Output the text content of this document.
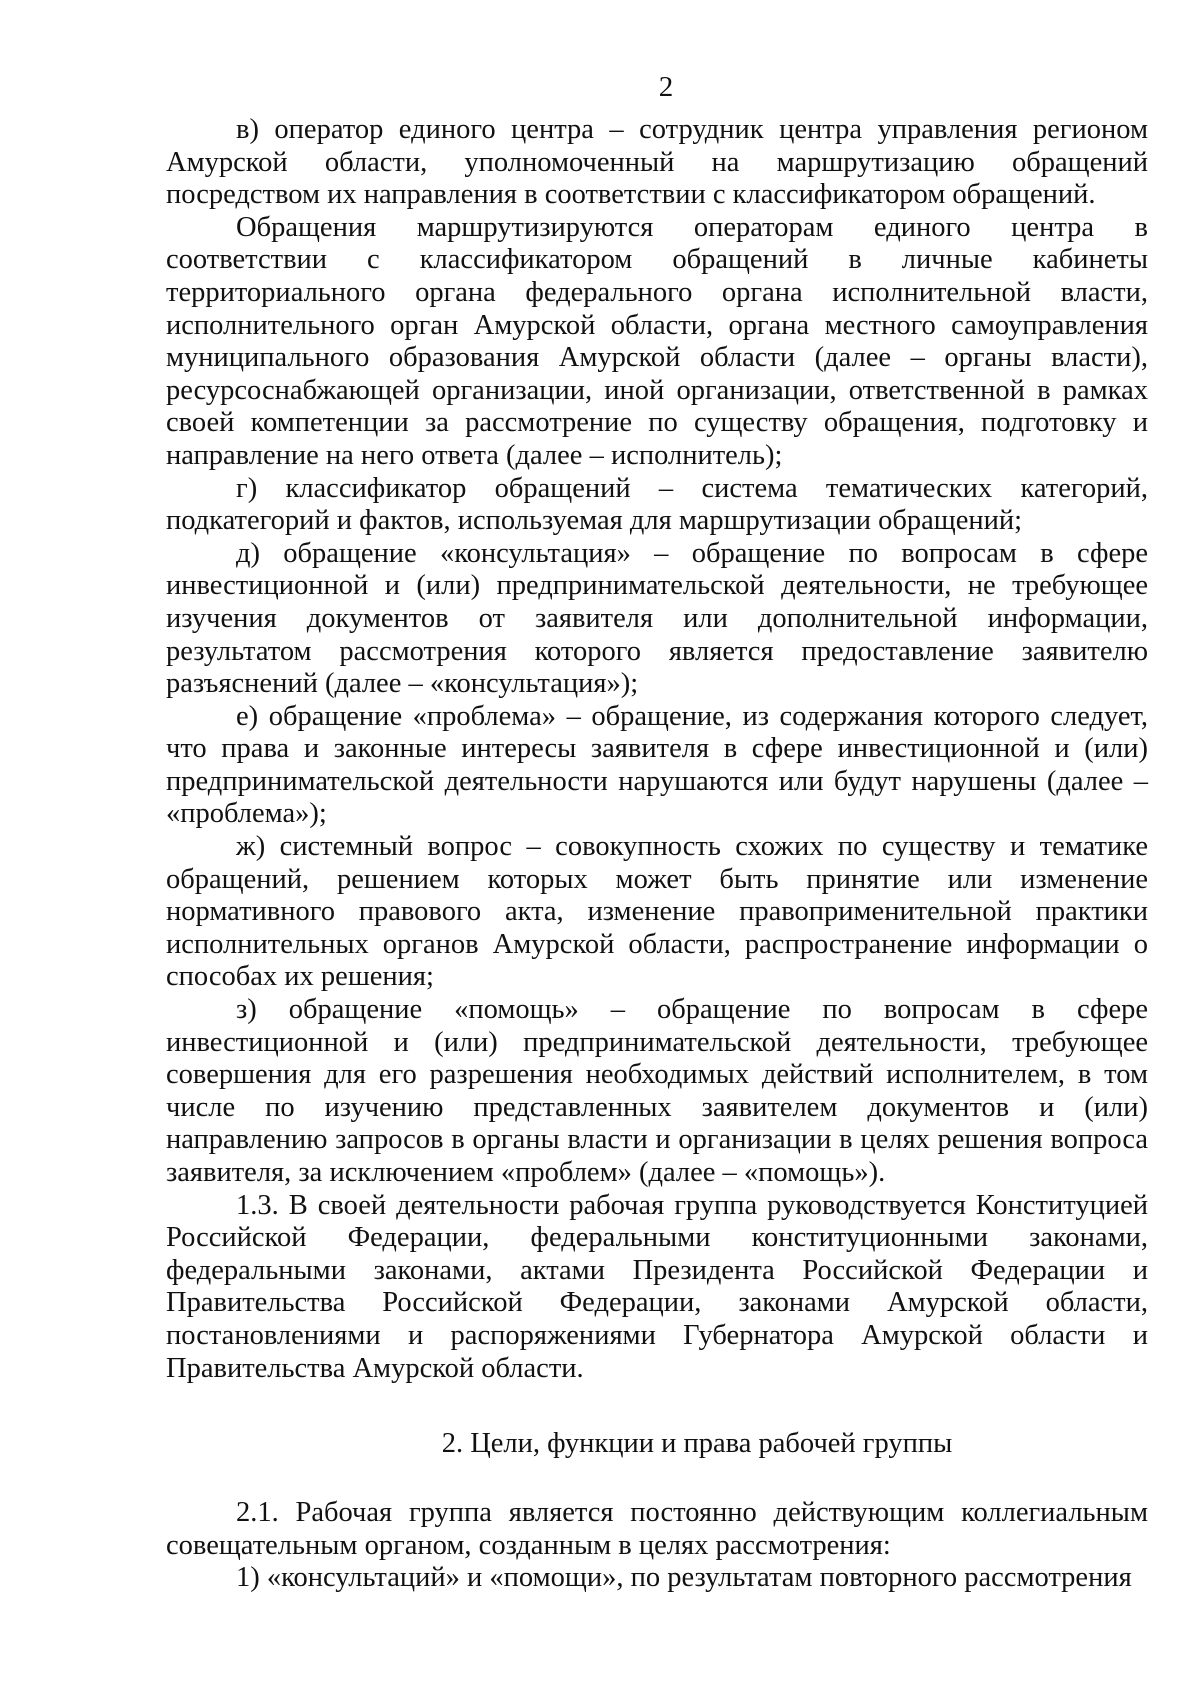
2

в) оператор единого центра – сотрудник центра управления регионом Амурской области, уполномоченный на маршрутизацию обращений посредством их направления в соответствии с классификатором обращений.

Обращения маршрутизируются операторам единого центра в соответствии с классификатором обращений в личные кабинеты территориального органа федерального органа исполнительной власти, исполнительного орган Амурской области, органа местного самоуправления муниципального образования Амурской области (далее – органы власти), ресурсоснабжающей организации, иной организации, ответственной в рамках своей компетенции за рассмотрение по существу обращения, подготовку и направление на него ответа (далее – исполнитель);

г) классификатор обращений – система тематических категорий, подкатегорий и фактов, используемая для маршрутизации обращений;

д) обращение «консультация» – обращение по вопросам в сфере инвестиционной и (или) предпринимательской деятельности, не требующее изучения документов от заявителя или дополнительной информации, результатом рассмотрения которого является предоставление заявителю разъяснений (далее – «консультация»);

е) обращение «проблема» – обращение, из содержания которого следует, что права и законные интересы заявителя в сфере инвестиционной и (или) предпринимательской деятельности нарушаются или будут нарушены (далее – «проблема»);

ж) системный вопрос – совокупность схожих по существу и тематике обращений, решением которых может быть принятие или изменение нормативного правового акта, изменение правоприменительной практики исполнительных органов Амурской области, распространение информации о способах их решения;

з) обращение «помощь» – обращение по вопросам в сфере инвестиционной и (или) предпринимательской деятельности, требующее совершения для его разрешения необходимых действий исполнителем, в том числе по изучению представленных заявителем документов и (или) направлению запросов в органы власти и организации в целях решения вопроса заявителя, за исключением «проблем» (далее – «помощь»).

1.3. В своей деятельности рабочая группа руководствуется Конституцией Российской Федерации, федеральными конституционными законами, федеральными законами, актами Президента Российской Федерации и Правительства Российской Федерации, законами Амурской области, постановлениями и распоряжениями Губернатора Амурской области и Правительства Амурской области.

2. Цели, функции и права рабочей группы

2.1. Рабочая группа является постоянно действующим коллегиальным совещательным органом, созданным в целях рассмотрения:

1) «консультаций» и «помощи», по результатам повторного рассмотрения
